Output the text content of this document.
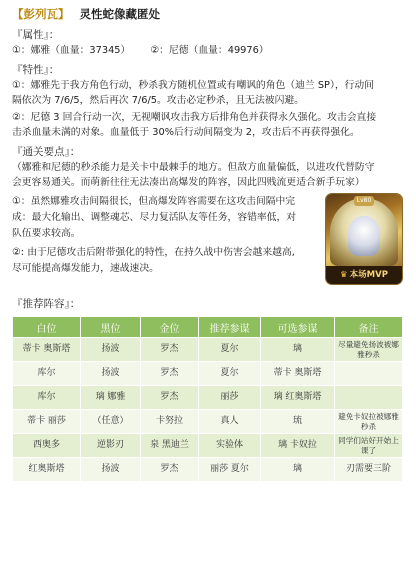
【彭列瓦】 灵性蛇像藏匿处
『属性』：
①：娜雅（血量：37345） ②：尼德（血量：49976）
『特性』：
①：娜雅先于我方角色行动，秒杀我方随机位置或有嘲讽的角色（迪兰 SP），行动间
隔依次为 7/6/5，然后再次 7/6/5。攻击必定秒杀，且无法被闪避。
②：尼德 3 回合行动一次，无视嘲讽攻击我方后排角色并获得永久强化。攻击会直接
击杀血量未满的对象。血量低于 30%后行动间隔变为 2，攻击后不再获得强化。
『通关要点』：
（娜雅和尼德的秒杀能力是关卡中最棘手的地方。但敌方血量偏低，以进攻代替防守
会更容易通关。而萌新往往无法凑出高爆发的阵容，因此四贱流更适合新手玩家）
①：虽然娜雅攻击间隔很长，但高爆发阵容需要在这攻击间隔中完
成：最大化输出、调整魂芯、尽力复活队友等任务，容错率低，对
队伍要求较高。
②: 由于尼德攻击后附带强化的特性，在持久战中伤害会越来越高,
尽可能提高爆发能力，速战速决。
Lv80
♛ 本场MVP
『推荐阵容』：
白位	黑位	金位	推荐参谋	可选参谋	备注
蒂卡 奥斯塔	扬波	罗杰	夏尔	璃	尽量避免扬波被娜雅秒杀
库尔	扬波	罗杰	夏尔	蒂卡 奥斯塔	
库尔	璃 娜雅	罗杰	丽莎	璃 红奥斯塔	
蒂卡 丽莎	（任意）	卡努拉	真人	琉	避免卡奴拉被娜雅秒杀
西奥多	逆影刃	泉 黑迪兰	实验体	璃 卡奴拉	同学们站好开始上课了
红奥斯塔	扬波	罗杰	丽莎 夏尔	璃	刃需要三阶
